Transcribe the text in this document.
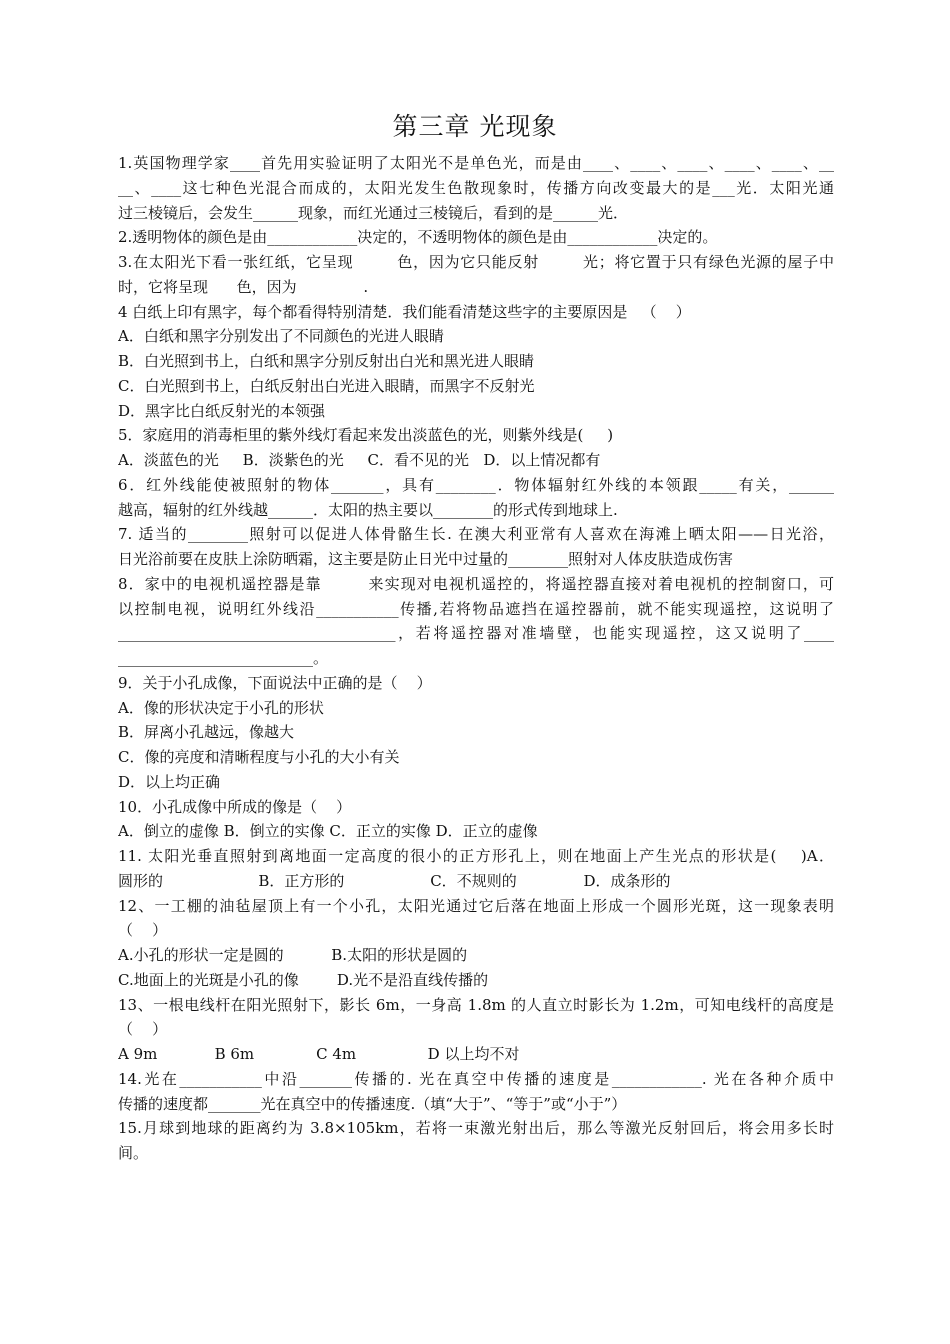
第三章 光现象
1.英国物理学家____首先用实验证明了太阳光不是单色光，而是由____、____、____、____、____、__
__、____这七种色光混合而成的，太阳光发生色散现象时，传播方向改变最大的是___光．太阳光通
过三棱镜后，会发生______现象，而红光通过三棱镜后，看到的是______光．
2.透明物体的颜色是由____________决定的，不透明物体的颜色是由____________决定的。
3.在太阳光下看一张红纸，它呈现        色，因为它只能反射        光；将它置于只有绿色光源的屋子中
时，它将呈现      色，因为              .
4 白纸上印有黑字，每个都看得特别清楚．我们能看清楚这些字的主要原因是   （    ）
A．白纸和黑字分别发出了不同颜色的光进人眼睛
B．白光照到书上，白纸和黑字分别反射出白光和黑光进人眼睛
C．白光照到书上，白纸反射出白光进入眼睛，而黑字不反射光
D．黑字比白纸反射光的本领强
5．家庭用的消毒柜里的紫外线灯看起来发出淡蓝色的光，则紫外线是(     )
A．淡蓝色的光     B．淡紫色的光     C．看不见的光   D．以上情况都有
6．红外线能使被照射的物体_______，具有________．物体辐射红外线的本领跟_____有关，______
越高，辐射的红外线越______．太阳的热主要以________的形式传到地球上.
7. 适当的________照射可以促进人体骨骼生长. 在澳大利亚常有人喜欢在海滩上晒太阳——日光浴，
日光浴前要在皮肤上涂防晒霜，这主要是防止日光中过量的________照射对人体皮肤造成伤害
8．家中的电视机遥控器是靠        来实现对电视机遥控的，将遥控器直接对着电视机的控制窗口，可
以控制电视，说明红外线沿___________传播,若将物品遮挡在遥控器前，就不能实现遥控，这说明了
_____________________________________，若将遥控器对准墙壁，也能实现遥控，这又说明了____
__________________________。
9．关于小孔成像，下面说法中正确的是（    ）
A．像的形状决定于小孔的形状
B．屏离小孔越远，像越大
C．像的亮度和清晰程度与小孔的大小有关
D．以上均正确
10．小孔成像中所成的像是（    ）
A．倒立的虚像 B．倒立的实像 C．正立的实像 D．正立的虚像
11. 太阳光垂直照射到离地面一定高度的很小的正方形孔上，则在地面上产生光点的形状是(    )A．
圆形的                    B．正方形的                  C．不规则的              D．成条形的
12、一工棚的油毡屋顶上有一个小孔，太阳光通过它后落在地面上形成一个圆形光斑，这一现象表明
（    ）
A.小孔的形状一定是圆的          B.太阳的形状是圆的
C.地面上的光斑是小孔的像        D.光不是沿直线传播的
13、一根电线杆在阳光照射下，影长 6m，一身高 1.8m 的人直立时影长为 1.2m，可知电线杆的高度是
（    ）
A 9m            B 6m             C 4m               D 以上均不对
14.光在___________中沿_______传播的. 光在真空中传播的速度是____________. 光在各种介质中
传播的速度都_______光在真空中的传播速度.（填“大于”、“等于”或“小于”）
15.月球到地球的距离约为 3.8×105km，若将一束激光射出后，那么等激光反射回后，将会用多长时
间。
